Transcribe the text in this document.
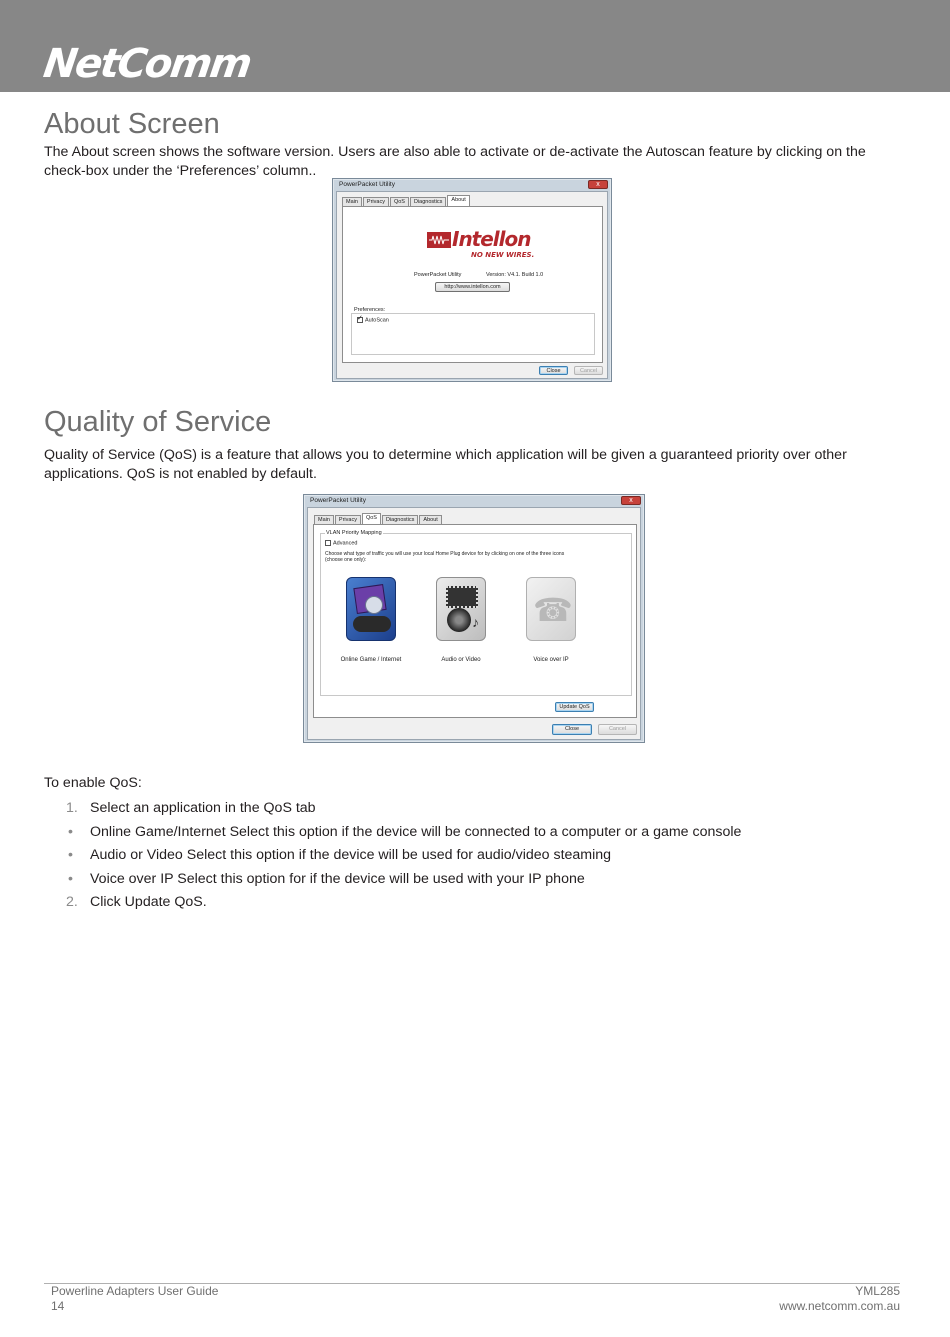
NetComm
About Screen

The About screen shows the software version. Users are also able to activate or de-activate the Autoscan feature by clicking on the check-box under the ‘Preferences’ column..

PowerPacket Utility	x
Main	Privacy	QoS	Diagnostics	About
Intellon
NO NEW WIRES.
PowerPacket Utility	Version: V4.1. Build 1.0
http://www.intellon.com
Preferences:
✓AutoScan
Close	Cancel
Quality of Service

Quality of Service (QoS) is a feature that allows you to determine which application will be given a guaranteed priority over other applications. QoS is not enabled by default.

PowerPacket Utility	x
Main	Privacy	QoS	Diagnostics	About
VLAN Priority Mapping
Advanced
Choose what type of traffic you will use your local Home Plug device for by clicking on one of the three icons
(choose one only):
♪ ☎
Online Game / Internet	Audio or Video	Voice over IP
Update QoS
Close	Cancel
To enable QoS:
1. Select an application in the QoS tab
• Online Game/Internet Select this option if the device will be connected to a computer or a game console
• Audio or Video Select this option if the device will be used for audio/video steaming
• Voice over IP Select this option for if the device will be used with your IP phone
2. Click Update QoS.
Powerline Adapters User Guide
14
YML285
www.netcomm.com.au
